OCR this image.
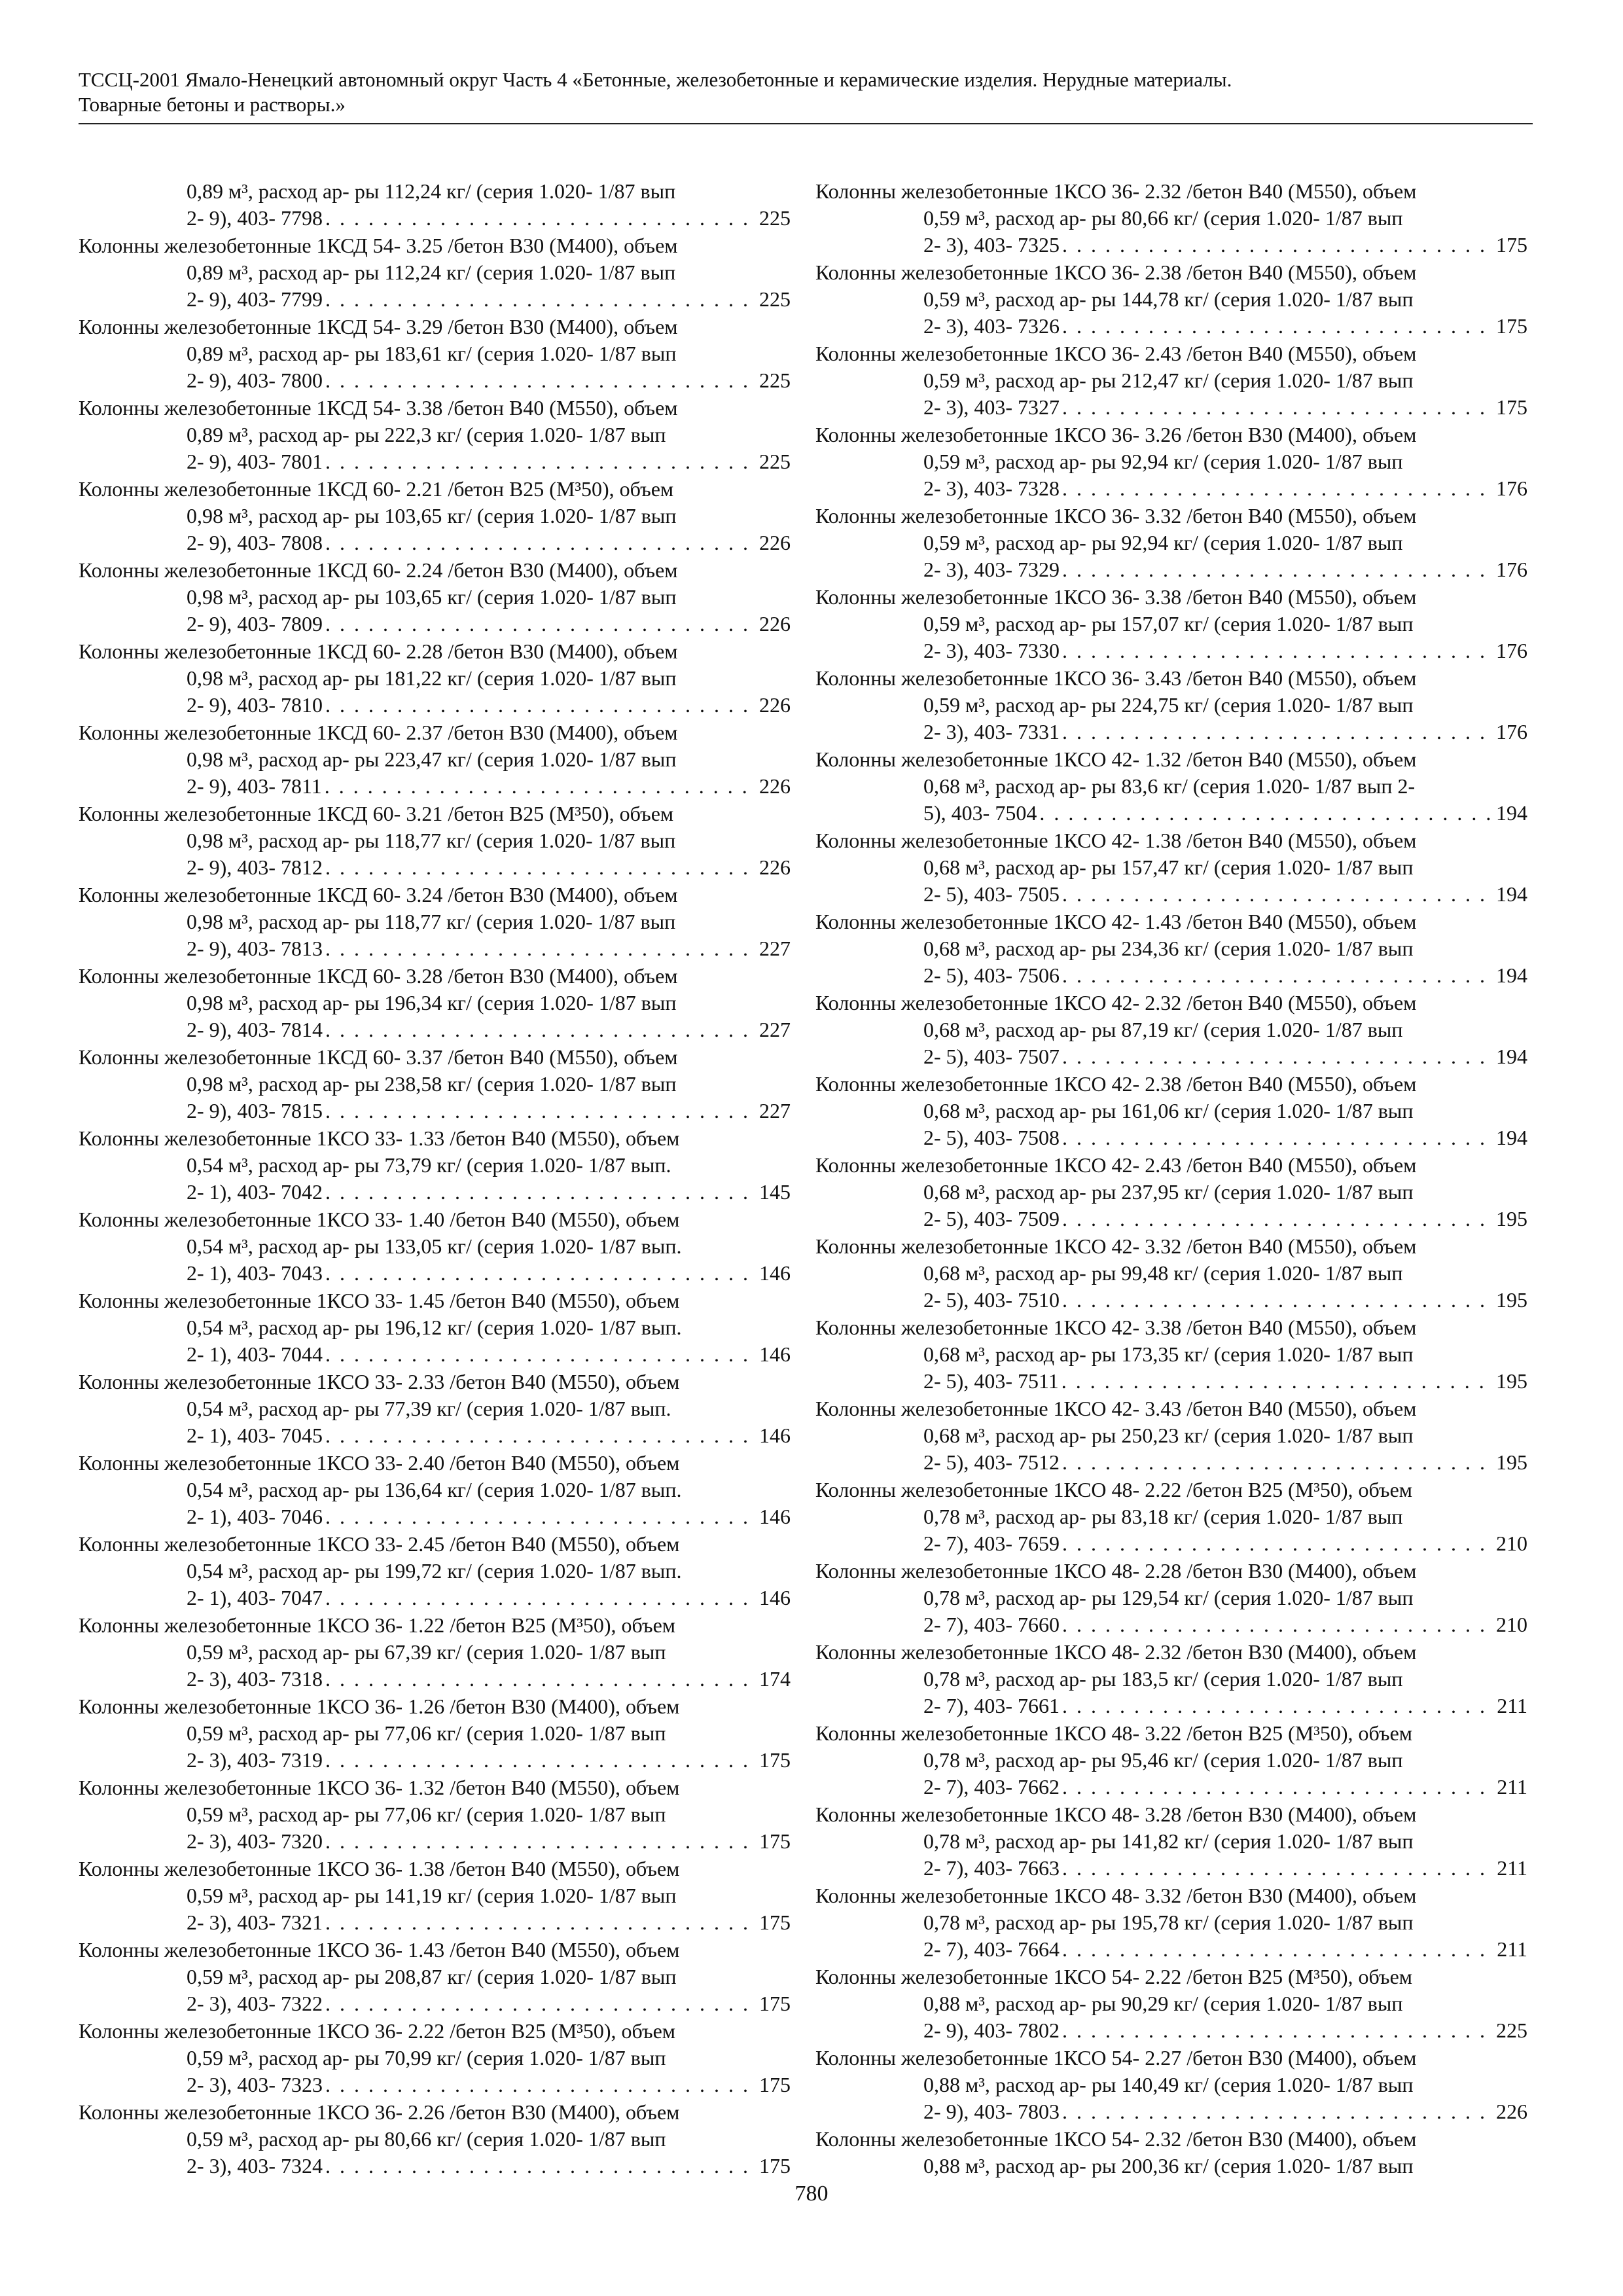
ТССЦ-2001 Ямало-Ненецкий автономный округ Часть 4 «Бетонные, железобетонные и керамические изделия. Нерудные материалы.
Товарные бетоны и растворы.»
0,89 м³, расход ар- ры 112,24 кг/ (серия 1.020- 1/87 вып
2- 9), 403- 7798 . . .	225
Колонны железобетонные 1КСД 54- 3.25 /бетон В30 (М400), объем
0,89 м³, расход ар- ры 112,24 кг/ (серия 1.020- 1/87 вып
2- 9), 403- 7799 . . .	225
Колонны железобетонные 1КСД 54- 3.29 /бетон В30 (М400), объем
0,89 м³, расход ар- ры 183,61 кг/ (серия 1.020- 1/87 вып
2- 9), 403- 7800 . . .	225
Колонны железобетонные 1КСД 54- 3.38 /бетон В40 (М550), объем
0,89 м³, расход ар- ры 222,3 кг/ (серия 1.020- 1/87 вып
2- 9), 403- 7801 . . .	225
Колонны железобетонные 1КСД 60- 2.21 /бетон В25 (М³50), объем
0,98 м³, расход ар- ры 103,65 кг/ (серия 1.020- 1/87 вып
2- 9), 403- 7808 . . .	226
Колонны железобетонные 1КСД 60- 2.24 /бетон В30 (М400), объем
0,98 м³, расход ар- ры 103,65 кг/ (серия 1.020- 1/87 вып
2- 9), 403- 7809 . . .	226
Колонны железобетонные 1КСД 60- 2.28 /бетон В30 (М400), объем
0,98 м³, расход ар- ры 181,22 кг/ (серия 1.020- 1/87 вып
2- 9), 403- 7810 . . .	226
Колонны железобетонные 1КСД 60- 2.37 /бетон В30 (М400), объем
0,98 м³, расход ар- ры 223,47 кг/ (серия 1.020- 1/87 вып
2- 9), 403- 7811 . . .	226
Колонны железобетонные 1КСД 60- 3.21 /бетон В25 (М³50), объем
0,98 м³, расход ар- ры 118,77 кг/ (серия 1.020- 1/87 вып
2- 9), 403- 7812 . . .	226
Колонны железобетонные 1КСД 60- 3.24 /бетон В30 (М400), объем
0,98 м³, расход ар- ры 118,77 кг/ (серия 1.020- 1/87 вып
2- 9), 403- 7813 . . .	227
Колонны железобетонные 1КСД 60- 3.28 /бетон В30 (М400), объем
0,98 м³, расход ар- ры 196,34 кг/ (серия 1.020- 1/87 вып
2- 9), 403- 7814 . . .	227
Колонны железобетонные 1КСД 60- 3.37 /бетон В40 (М550), объем
0,98 м³, расход ар- ры 238,58 кг/ (серия 1.020- 1/87 вып
2- 9), 403- 7815 . . .	227
Колонны железобетонные 1КСО 33- 1.33 /бетон В40 (М550), объем
0,54 м³, расход ар- ры 73,79 кг/ (серия 1.020- 1/87 вып.
2- 1), 403- 7042 . . .	145
Колонны железобетонные 1КСО 33- 1.40 /бетон В40 (М550), объем
0,54 м³, расход ар- ры 133,05 кг/ (серия 1.020- 1/87 вып.
2- 1), 403- 7043 . . .	146
Колонны железобетонные 1КСО 33- 1.45 /бетон В40 (М550), объем
0,54 м³, расход ар- ры 196,12 кг/ (серия 1.020- 1/87 вып.
2- 1), 403- 7044 . . .	146
Колонны железобетонные 1КСО 33- 2.33 /бетон В40 (М550), объем
0,54 м³, расход ар- ры 77,39 кг/ (серия 1.020- 1/87 вып.
2- 1), 403- 7045 . . .	146
Колонны железобетонные 1КСО 33- 2.40 /бетон В40 (М550), объем
0,54 м³, расход ар- ры 136,64 кг/ (серия 1.020- 1/87 вып.
2- 1), 403- 7046 . . .	146
Колонны железобетонные 1КСО 33- 2.45 /бетон В40 (М550), объем
0,54 м³, расход ар- ры 199,72 кг/ (серия 1.020- 1/87 вып.
2- 1), 403- 7047 . . .	146
Колонны железобетонные 1КСО 36- 1.22 /бетон В25 (М³50), объем
0,59 м³, расход ар- ры 67,39 кг/ (серия 1.020- 1/87 вып
2- 3), 403- 7318 . . .	174
Колонны железобетонные 1КСО 36- 1.26 /бетон В30 (М400), объем
0,59 м³, расход ар- ры 77,06 кг/ (серия 1.020- 1/87 вып
2- 3), 403- 7319 . . .	175
Колонны железобетонные 1КСО 36- 1.32 /бетон В40 (М550), объем
0,59 м³, расход ар- ры 77,06 кг/ (серия 1.020- 1/87 вып
2- 3), 403- 7320 . . .	175
Колонны железобетонные 1КСО 36- 1.38 /бетон В40 (М550), объем
0,59 м³, расход ар- ры 141,19 кг/ (серия 1.020- 1/87 вып
2- 3), 403- 7321 . . .	175
Колонны железобетонные 1КСО 36- 1.43 /бетон В40 (М550), объем
0,59 м³, расход ар- ры 208,87 кг/ (серия 1.020- 1/87 вып
2- 3), 403- 7322 . . .	175
Колонны железобетонные 1КСО 36- 2.22 /бетон В25 (М³50), объем
0,59 м³, расход ар- ры 70,99 кг/ (серия 1.020- 1/87 вып
2- 3), 403- 7323 . . .	175
Колонны железобетонные 1КСО 36- 2.26 /бетон В30 (М400), объем
0,59 м³, расход ар- ры 80,66 кг/ (серия 1.020- 1/87 вып
2- 3), 403- 7324 . . .	175
Колонны железобетонные 1КСО 36- 2.32 /бетон В40 (М550), объем
0,59 м³, расход ар- ры 80,66 кг/ (серия 1.020- 1/87 вып
2- 3), 403- 7325 . . .	175
Колонны железобетонные 1КСО 36- 2.38 /бетон В40 (М550), объем
0,59 м³, расход ар- ры 144,78 кг/ (серия 1.020- 1/87 вып
2- 3), 403- 7326 . . .	175
Колонны железобетонные 1КСО 36- 2.43 /бетон В40 (М550), объем
0,59 м³, расход ар- ры 212,47 кг/ (серия 1.020- 1/87 вып
2- 3), 403- 7327 . . .	175
Колонны железобетонные 1КСО 36- 3.26 /бетон В30 (М400), объем
0,59 м³, расход ар- ры 92,94 кг/ (серия 1.020- 1/87 вып
2- 3), 403- 7328 . . .	176
Колонны железобетонные 1КСО 36- 3.32 /бетон В40 (М550), объем
0,59 м³, расход ар- ры 92,94 кг/ (серия 1.020- 1/87 вып
2- 3), 403- 7329 . . .	176
Колонны железобетонные 1КСО 36- 3.38 /бетон В40 (М550), объем
0,59 м³, расход ар- ры 157,07 кг/ (серия 1.020- 1/87 вып
2- 3), 403- 7330 . . .	176
Колонны железобетонные 1КСО 36- 3.43 /бетон В40 (М550), объем
0,59 м³, расход ар- ры 224,75 кг/ (серия 1.020- 1/87 вып
2- 3), 403- 7331 . . .	176
Колонны железобетонные 1КСО 42- 1.32 /бетон В40 (М550), объем
0,68 м³, расход ар- ры 83,6 кг/ (серия 1.020- 1/87 вып 2-
5), 403- 7504 . . .	194
Колонны железобетонные 1КСО 42- 1.38 /бетон В40 (М550), объем
0,68 м³, расход ар- ры 157,47 кг/ (серия 1.020- 1/87 вып
2- 5), 403- 7505 . . .	194
Колонны железобетонные 1КСО 42- 1.43 /бетон В40 (М550), объем
0,68 м³, расход ар- ры 234,36 кг/ (серия 1.020- 1/87 вып
2- 5), 403- 7506 . . .	194
Колонны железобетонные 1КСО 42- 2.32 /бетон В40 (М550), объем
0,68 м³, расход ар- ры 87,19 кг/ (серия 1.020- 1/87 вып
2- 5), 403- 7507 . . .	194
Колонны железобетонные 1КСО 42- 2.38 /бетон В40 (М550), объем
0,68 м³, расход ар- ры 161,06 кг/ (серия 1.020- 1/87 вып
2- 5), 403- 7508 . . .	194
Колонны железобетонные 1КСО 42- 2.43 /бетон В40 (М550), объем
0,68 м³, расход ар- ры 237,95 кг/ (серия 1.020- 1/87 вып
2- 5), 403- 7509 . . .	195
Колонны железобетонные 1КСО 42- 3.32 /бетон В40 (М550), объем
0,68 м³, расход ар- ры 99,48 кг/ (серия 1.020- 1/87 вып
2- 5), 403- 7510 . . .	195
Колонны железобетонные 1КСО 42- 3.38 /бетон В40 (М550), объем
0,68 м³, расход ар- ры 173,35 кг/ (серия 1.020- 1/87 вып
2- 5), 403- 7511 . . .	195
Колонны железобетонные 1КСО 42- 3.43 /бетон В40 (М550), объем
0,68 м³, расход ар- ры 250,23 кг/ (серия 1.020- 1/87 вып
2- 5), 403- 7512 . . .	195
Колонны железобетонные 1КСО 48- 2.22 /бетон В25 (М³50), объем
0,78 м³, расход ар- ры 83,18 кг/ (серия 1.020- 1/87 вып
2- 7), 403- 7659 . . .	210
Колонны железобетонные 1КСО 48- 2.28 /бетон В30 (М400), объем
0,78 м³, расход ар- ры 129,54 кг/ (серия 1.020- 1/87 вып
2- 7), 403- 7660 . . .	210
Колонны железобетонные 1КСО 48- 2.32 /бетон В30 (М400), объем
0,78 м³, расход ар- ры 183,5 кг/ (серия 1.020- 1/87 вып
2- 7), 403- 7661 . . .	211
Колонны железобетонные 1КСО 48- 3.22 /бетон В25 (М³50), объем
0,78 м³, расход ар- ры 95,46 кг/ (серия 1.020- 1/87 вып
2- 7), 403- 7662 . . .	211
Колонны железобетонные 1КСО 48- 3.28 /бетон В30 (М400), объем
0,78 м³, расход ар- ры 141,82 кг/ (серия 1.020- 1/87 вып
2- 7), 403- 7663 . . .	211
Колонны железобетонные 1КСО 48- 3.32 /бетон В30 (М400), объем
0,78 м³, расход ар- ры 195,78 кг/ (серия 1.020- 1/87 вып
2- 7), 403- 7664 . . .	211
Колонны железобетонные 1КСО 54- 2.22 /бетон В25 (М³50), объем
0,88 м³, расход ар- ры 90,29 кг/ (серия 1.020- 1/87 вып
2- 9), 403- 7802 . . .	225
Колонны железобетонные 1КСО 54- 2.27 /бетон В30 (М400), объем
0,88 м³, расход ар- ры 140,49 кг/ (серия 1.020- 1/87 вып
2- 9), 403- 7803 . . .	226
Колонны железобетонные 1КСО 54- 2.32 /бетон В30 (М400), объем
0,88 м³, расход ар- ры 200,36 кг/ (серия 1.020- 1/87 вып
780
